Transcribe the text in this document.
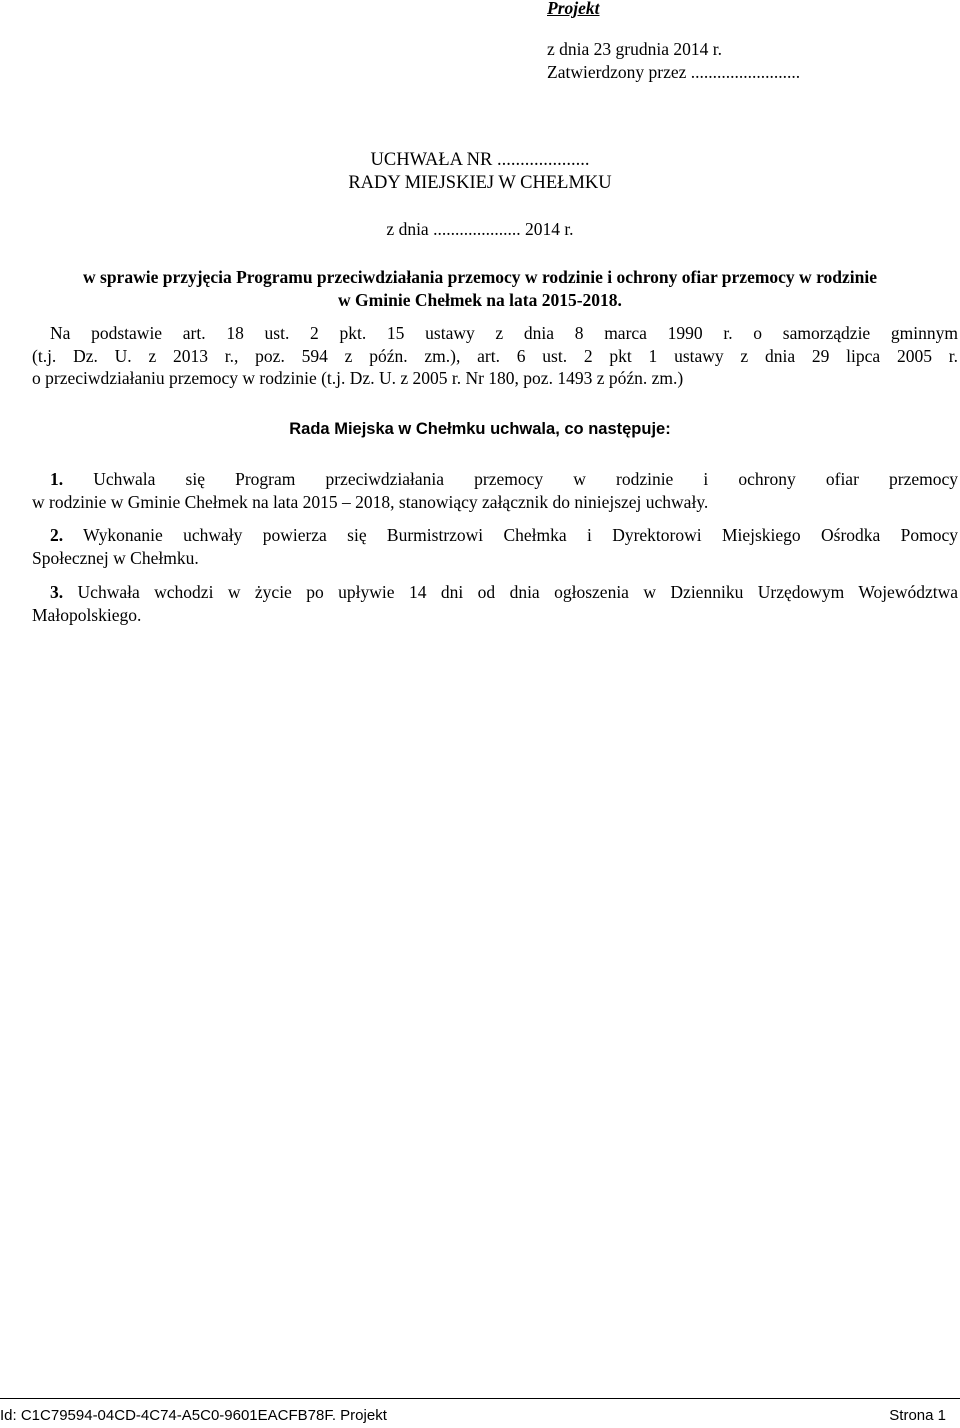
Projekt
z dnia 23 grudnia 2014 r.
Zatwierdzony przez .........................
UCHWAŁA NR ....................
RADY MIEJSKIEJ W CHEŁMKU
z dnia .................... 2014 r.
w sprawie przyjęcia Programu przeciwdziałania przemocy w rodzinie i ochrony ofiar przemocy w rodzinie
w Gminie Chełmek na lata 2015-2018.
Na podstawie art. 18 ust. 2 pkt. 15 ustawy z dnia 8 marca 1990 r. o samorządzie gminnym
(t.j. Dz. U. z 2013 r., poz. 594 z późn. zm.), art. 6 ust. 2 pkt 1 ustawy z dnia 29 lipca 2005 r.
o przeciwdziałaniu przemocy w rodzinie (t.j. Dz. U. z 2005 r. Nr 180, poz. 1493 z późn. zm.)
Rada Miejska w Chełmku uchwala, co następuje:
1. Uchwala się Program przeciwdziałania przemocy w rodzinie i ochrony ofiar przemocy
w rodzinie w Gminie Chełmek na lata 2015 – 2018, stanowiący załącznik do niniejszej uchwały.
2. Wykonanie uchwały powierza się Burmistrzowi Chełmka i Dyrektorowi Miejskiego Ośrodka Pomocy
Społecznej w Chełmku.
3. Uchwała wchodzi w życie po upływie 14 dni od dnia ogłoszenia w Dzienniku Urzędowym Województwa
Małopolskiego.
Id: C1C79594-04CD-4C74-A5C0-9601EACFB78F. Projekt	Strona 1
